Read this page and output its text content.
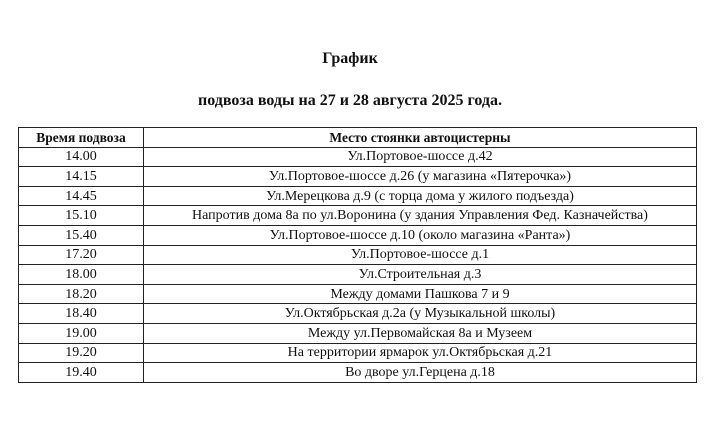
График
подвоза воды на 27 и 28 августа 2025 года.
Время подвоза	Место стоянки автоцистерны
14.00	Ул.Портовое-шоссе д.42
14.15	Ул.Портовое-шоссе д.26 (у магазина «Пятерочка»)
14.45	Ул.Мерецкова д.9 (с торца дома у жилого подъезда)
15.10	Напротив дома 8а по ул.Воронина (у здания Управления Фед. Казначейства)
15.40	Ул.Портовое-шоссе д.10 (около магазина «Ранта»)
17.20	Ул.Портовое-шоссе д.1
18.00	Ул.Строительная д.3
18.20	Между домами Пашкова 7 и 9
18.40	Ул.Октябрьская д.2а (у Музыкальной школы)
19.00	Между ул.Первомайская 8а и Музеем
19.20	На территории ярмарок ул.Октябрьская д.21
19.40	Во дворе ул.Герцена д.18
